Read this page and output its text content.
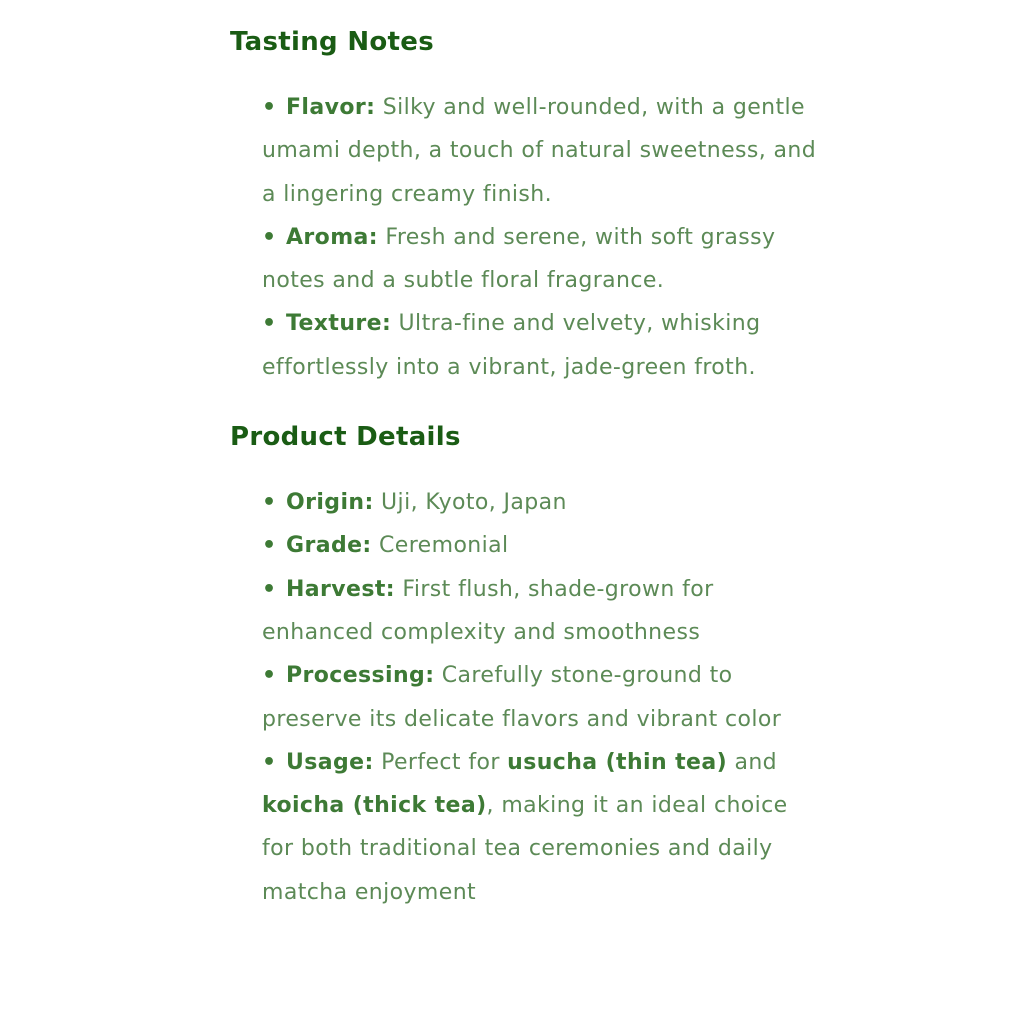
Tasting Notes
• Flavor: Silky and well-rounded, with a gentle umami depth, a touch of natural sweetness, and a lingering creamy finish.
• Aroma: Fresh and serene, with soft grassy notes and a subtle floral fragrance.
• Texture: Ultra-fine and velvety, whisking effortlessly into a vibrant, jade-green froth.
Product Details
• Origin: Uji, Kyoto, Japan
• Grade: Ceremonial
• Harvest: First flush, shade-grown for enhanced complexity and smoothness
• Processing: Carefully stone-ground to preserve its delicate flavors and vibrant color
• Usage: Perfect for usucha (thin tea) and koicha (thick tea), making it an ideal choice for both traditional tea ceremonies and daily matcha enjoyment
